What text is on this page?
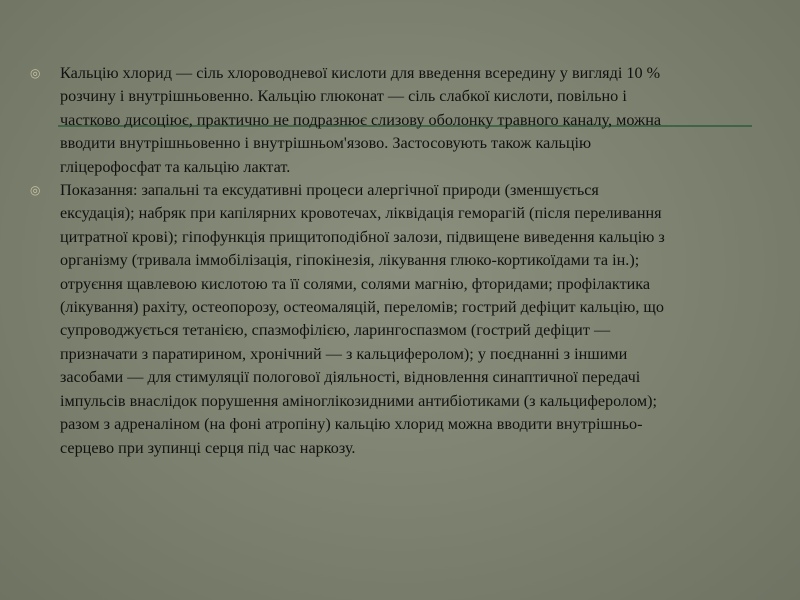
◎	Кальцію хлорид — сіль хлороводневої кислоти для введення всередину у вигляді 10 % розчину і внутрішньовенно. Кальцію глюконат — сіль слабкої кислоти, повільно і частково дисоціює, практично не подразнює слизову оболонку травного каналу, можна вводити внутрішньовенно і внутрішньом'язово. Застосовують також кальцію гліцерофосфат та кальцію лактат.
◎	Показання: запальні та ексудативні процеси алергічної природи (зменшується ексудація); набряк при капілярних кровотечах, ліквідація геморагій (після переливання цитратної крові); гіпофункція прищитоподібної залози, підвищене виведення кальцію з організму (тривала іммобілізація, гіпокінезія, лікування глюко-кортикоїдами та ін.); отруєння щавлевою кислотою та її солями, солями магнію, фторидами; профілактика (лікування) рахіту, остеопорозу, остеомаляцій, переломів; гострий дефіцит кальцію, що супроводжується тетанією, спазмофілією, ларингоспазмом (гострий дефіцит — призначати з паратирином, хронічний — з кальциферолом); у поєднанні з іншими засобами — для стимуляції пологової діяльності, відновлення синаптичної передачі імпульсів внаслідок порушення аміноглікозидними антибіотиками (з кальциферолом); разом з адреналіном (на фоні атропіну) кальцію хлорид можна вводити внутрішньо-серцево при зупинці серця під час наркозу.
